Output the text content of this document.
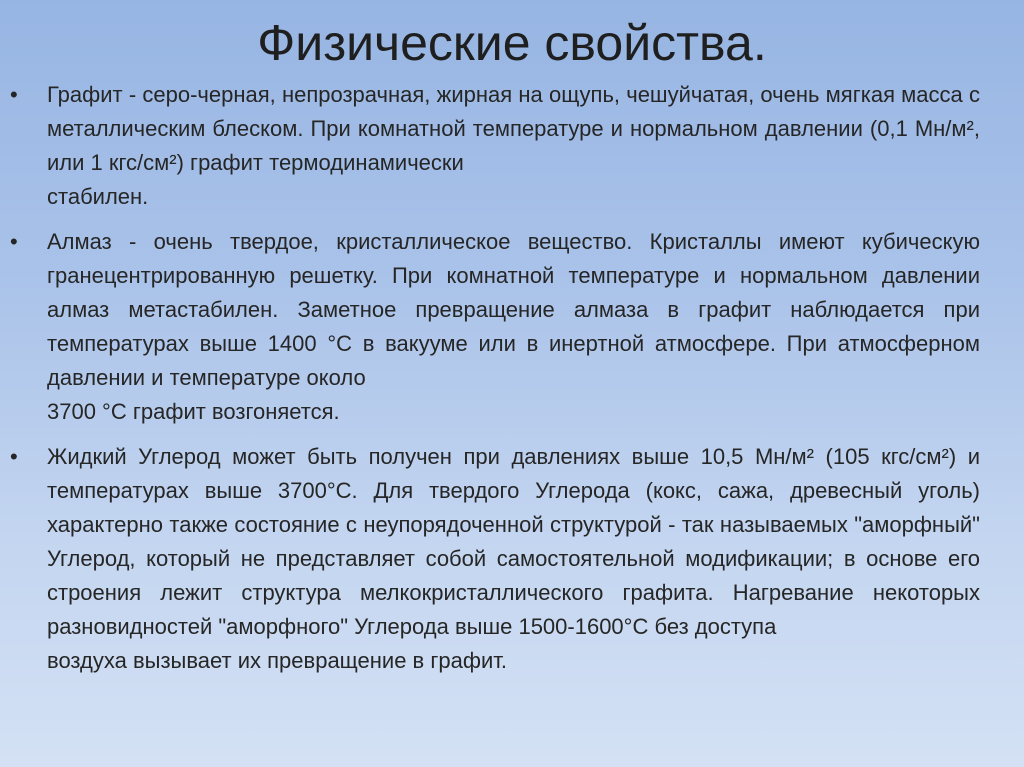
Физические свойства.
• Графит - серо-черная, непрозрачная, жирная на ощупь, чешуйчатая, очень мягкая масса с металлическим блеском. При комнатной температуре и нормальном давлении (0,1 Мн/м², или 1 кгс/см²) графит термодинамически
стабилен.
• Алмаз - очень твердое, кристаллическое вещество. Кристаллы имеют кубическую гранецентрированную решетку. При комнатной температуре и нормальном давлении алмаз метастабилен. Заметное превращение алмаза в графит наблюдается при температурах выше 1400 °С в вакууме или в инертной атмосфере. При атмосферном давлении и температуре около
3700 °С графит возгоняется.
• Жидкий Углерод может быть получен при давлениях выше 10,5 Мн/м² (105 кгс/см²) и температурах выше 3700°С. Для твердого Углерода (кокс, сажа, древесный уголь) характерно также состояние с неупорядоченной структурой - так называемых "аморфный" Углерод, который не представляет собой самостоятельной модификации; в основе его строения лежит структура мелкокристаллического графита. Нагревание некоторых разновидностей "аморфного" Углерода выше 1500-1600°С без доступа
воздуха вызывает их превращение в графит.
